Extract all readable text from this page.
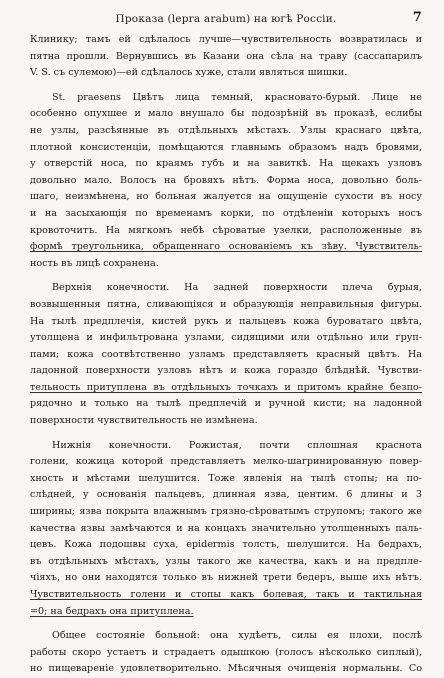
Проказа (lepra arabum) на югѣ Россіи.	7
Клинику; тамъ ей сдѣлалось лучше—чувствительность возвратилась и
пятна прошли. Вернувшись въ Казани она сѣла на траву (сассапарилъ
V. S. съ сулемою)—ей сдѣлалось хуже, стали являться шишки.
St. praesens Цвѣтъ лица темный, красновато-бурый. Лице не
особенно опухшее и мало внушало бы подозрѣній въ проказѣ, еслибы
не узлы, разсѣянные въ отдѣльныхъ мѣстахъ. Узлы краснаго цвѣта,
плотной консистенціи, помѣщаются главнымъ образомъ надъ бровями,
у отверстій носа, по краямъ губъ и на завиткѣ. На щекахъ узловъ
довольно мало. Волосъ на бровяхъ нѣтъ. Форма носа, довольно боль-
шаго, неизмѣнена, но больная жалуется на ощущеніе сухости въ носу
и на засыхающія по временамъ корки, по отдѣленіи которыхъ носъ
кровоточитъ. На мягкомъ небѣ сѣроватые узелки, расположенные въ
формѣ треугольника, обращеннаго основаніемъ къ зѣву. Чувствитель-
ность въ лицѣ сохранена.
Верхнія конечности. На задней поверхности плеча бурыя,
возвышенныя пятна, сливающіяся и образующія неправильныя фигуры.
На тылѣ предплечія, кистей рукъ и пальцевъ кожа буроватаго цвѣта,
утолщена и инфильтрована узлами, сидящими или отдѣльно или груп-
пами; кожа соотвѣтственно узламъ представляетъ красный цвѣтъ. На
ладонной поверхности узловъ нѣтъ и кожа гораздо блѣднѣй. Чувстви-
тельность притуплена въ отдѣльныхъ точкахъ и притомъ крайне безпо-
рядочно и только на тылѣ предплечій и ручной кисти; на ладонной
поверхности чувствительность не измѣнена.
Нижнія конечности. Рожистая, почти сплошная краснота
голени, кожица которой представляетъ мелко-шагринированную повер-
хность и мѣстами шелушится. Тоже явленія на тылѣ стопы; на по-
слѣдней, у основанія пальцевъ, длинная язва, центим. 6 длины и 3
ширины; язва покрыта влажнымъ грязно-сѣроватымъ струпомъ; такого же
качества язвы замѣчаются и на концахъ значительно утолщенныхъ паль-
цевъ. Кожа подошвы суха, epidermis толстъ, шелушится. На бедрахъ,
въ отдѣльныхъ мѣстахъ, узлы такого же качества, какъ и на предпле-
чіяхъ, но они находятся только въ нижней трети бедеръ, выше ихъ нѣтъ.
Чувствительность голени и стопы какъ болевая, такъ и тактильная
=0; на бедрахъ она притуплена.
Общее состояніе больной: она худѣетъ, силы ея плохи, послѣ
работы скоро устаетъ и страдаетъ одышкою (голосъ нѣсколько сиплый),
но пищевареніе удовлетворительно. Мѣсячныя очищенія нормальны. Со
